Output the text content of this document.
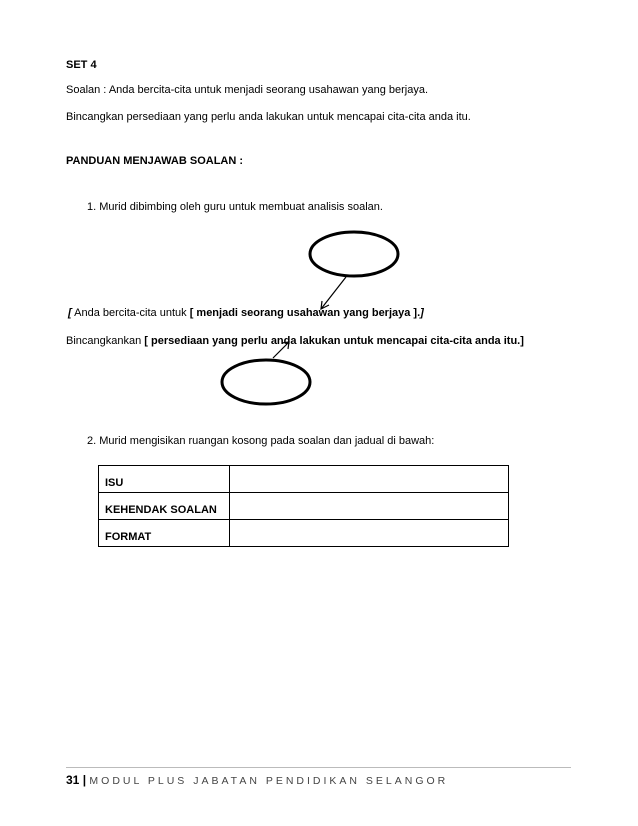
SET 4
Soalan : Anda bercita-cita untuk menjadi seorang usahawan yang berjaya.
Bincangkan persediaan yang perlu anda lakukan untuk mencapai cita-cita anda itu.
PANDUAN MENJAWAB SOALAN :
1. Murid dibimbing oleh guru untuk membuat analisis soalan.
[ Anda bercita-cita untuk [ menjadi seorang usahawan yang berjaya ].]
Bincangkankan [ persediaan yang perlu anda lakukan untuk mencapai cita-cita anda itu.]
2. Murid mengisikan ruangan kosong pada soalan dan jadual di bawah:
ISU	
KEHENDAK SOALAN	
FORMAT	
31 | MODUL PLUS JABATAN PENDIDIKAN SELANGOR
